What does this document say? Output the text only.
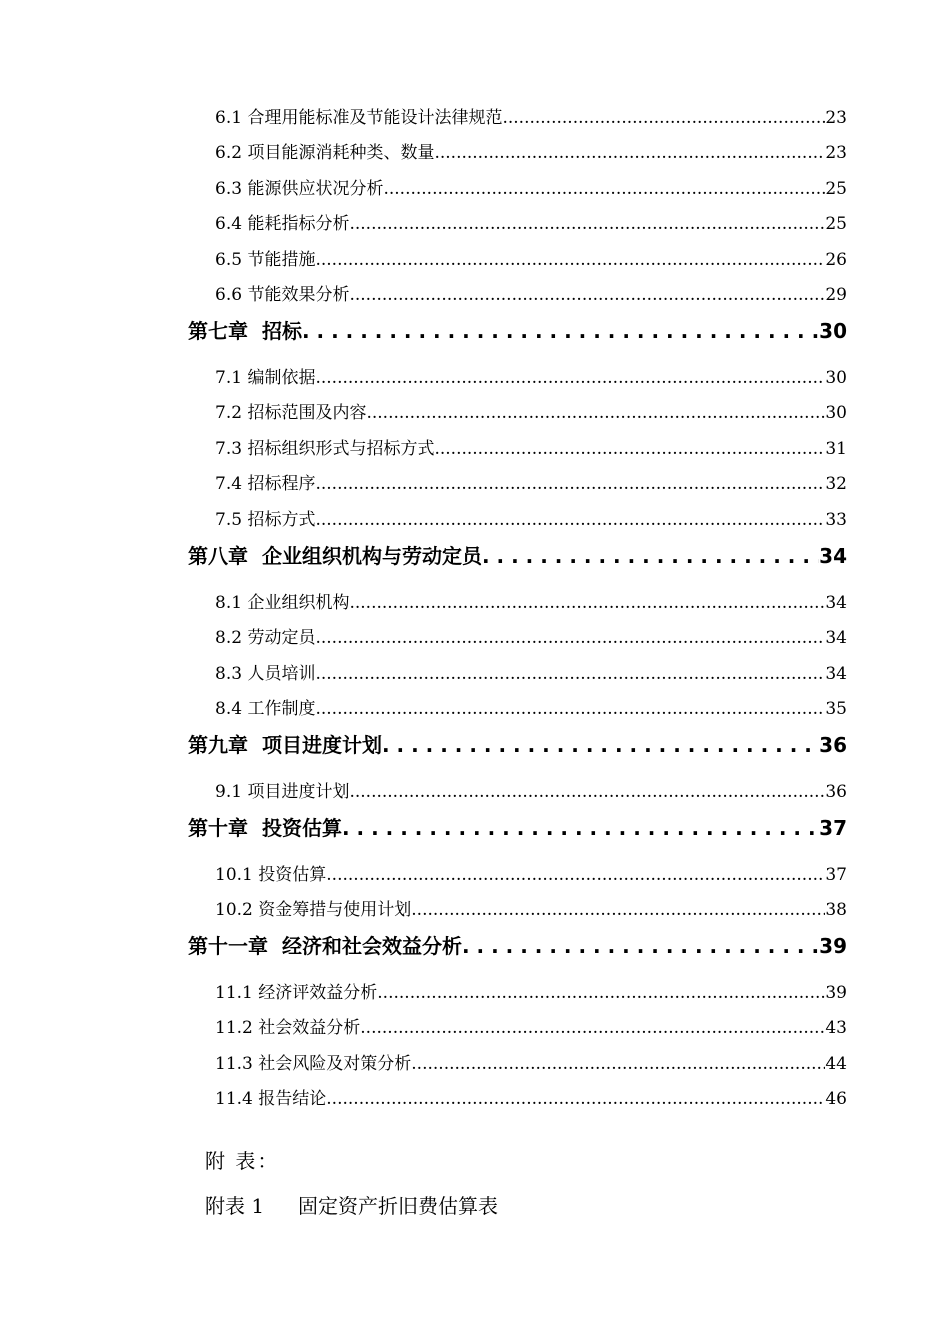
6.1 合理用能标准及节能设计法律规范 .....	23
6.2 项目能源消耗种类、数量 .....	23
6.3 能源供应状况分析 .....	25
6.4 能耗指标分析 .....	25
6.5 节能措施 .....	26
6.6 节能效果分析 .....	29
第七章 招标 . . .	30
7.1 编制依据 .....	30
7.2 招标范围及内容 .....	30
7.3 招标组织形式与招标方式 .....	31
7.4 招标程序 .....	32
7.5 招标方式 .....	33
第八章 企业组织机构与劳动定员 . . .	34
8.1 企业组织机构 .....	34
8.2 劳动定员 .....	34
8.3 人员培训 .....	34
8.4 工作制度 .....	35
第九章 项目进度计划 . . .	36
9.1 项目进度计划 .....	36
第十章 投资估算 . . .	37
10.1 投资估算 .....	37
10.2 资金筹措与使用计划 .....	38
第十一章 经济和社会效益分析 . . .	39
11.1 经济评效益分析 .....	39
11.2 社会效益分析 .....	43
11.3 社会风险及对策分析 .....	44
11.4 报告结论 .....	46
附 表：
附表 1 固定资产折旧费估算表
